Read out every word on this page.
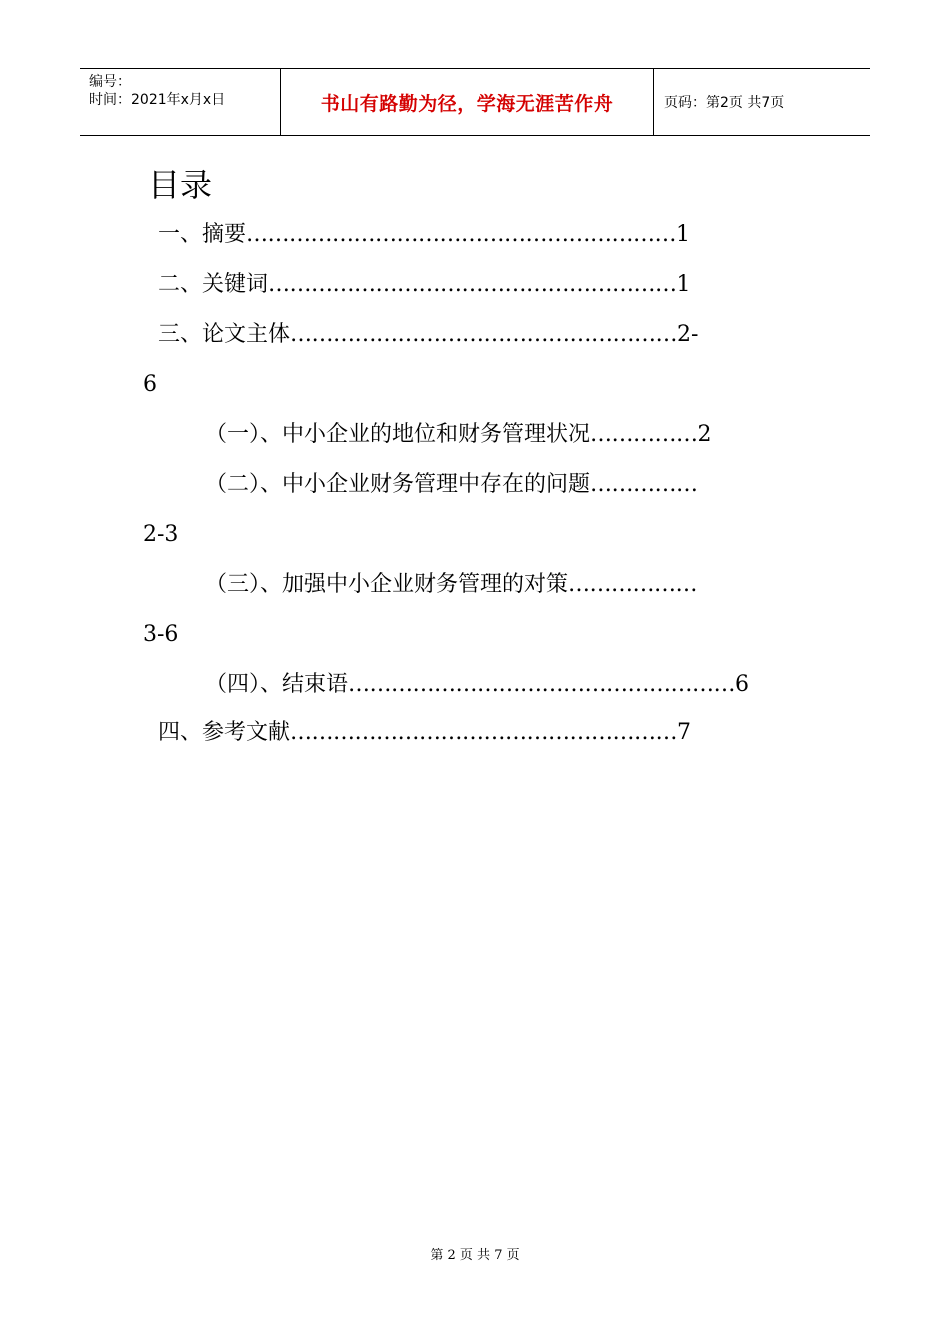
编号：
时间：2021年x月x日	书山有路勤为径，学海无涯苦作舟	页码：第2页 共7页
目录
一、摘要……………………………………………………1
二、关键词…………………………………………………1
三、论文主体………………………………………………2-
6
（一）、中小企业的地位和财务管理状况……………2
（二）、中小企业财务管理中存在的问题……………
2-3
（三）、加强中小企业财务管理的对策………………
3-6
（四）、结束语………………………………………………6
四、参考文献………………………………………………7
第 2 页 共 7 页
